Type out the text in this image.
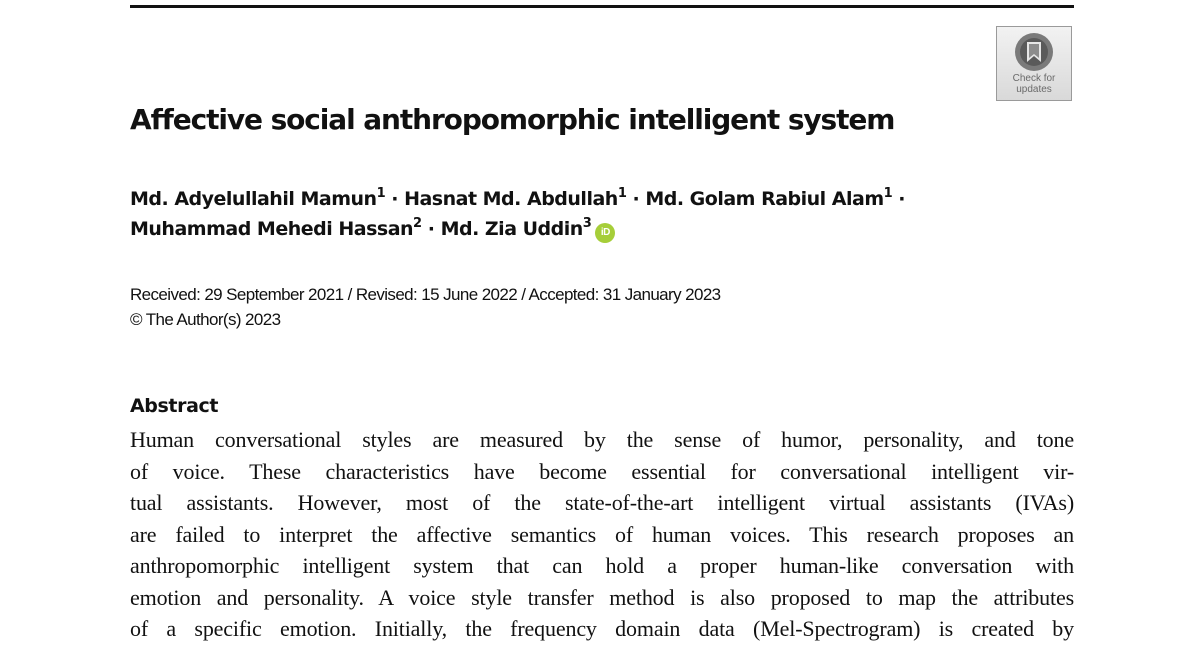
Check for
updates
Affective social anthropomorphic intelligent system
Md. Adyelullahil Mamun$^1$ · Hasnat Md. Abdullah$^1$ · Md. Golam Rabiul Alam$^1$ ·
Muhammad Mehedi Hassan$^2$ · Md. Zia Uddin$^3$iD
Received: 29 September 2021 / Revised: 15 June 2022 / Accepted: 31 January 2023
© The Author(s) 2023
Abstract
Human conversational styles are measured by the sense of humor, personality, and tone
of voice. These characteristics have become essential for conversational intelligent vir-
tual assistants. However, most of the state-of-the-art intelligent virtual assistants (IVAs)
are failed to interpret the affective semantics of human voices. This research proposes an
anthropomorphic intelligent system that can hold a proper human-like conversation with
emotion and personality. A voice style transfer method is also proposed to map the attributes
of a specific emotion. Initially, the frequency domain data (Mel-Spectrogram) is created by
